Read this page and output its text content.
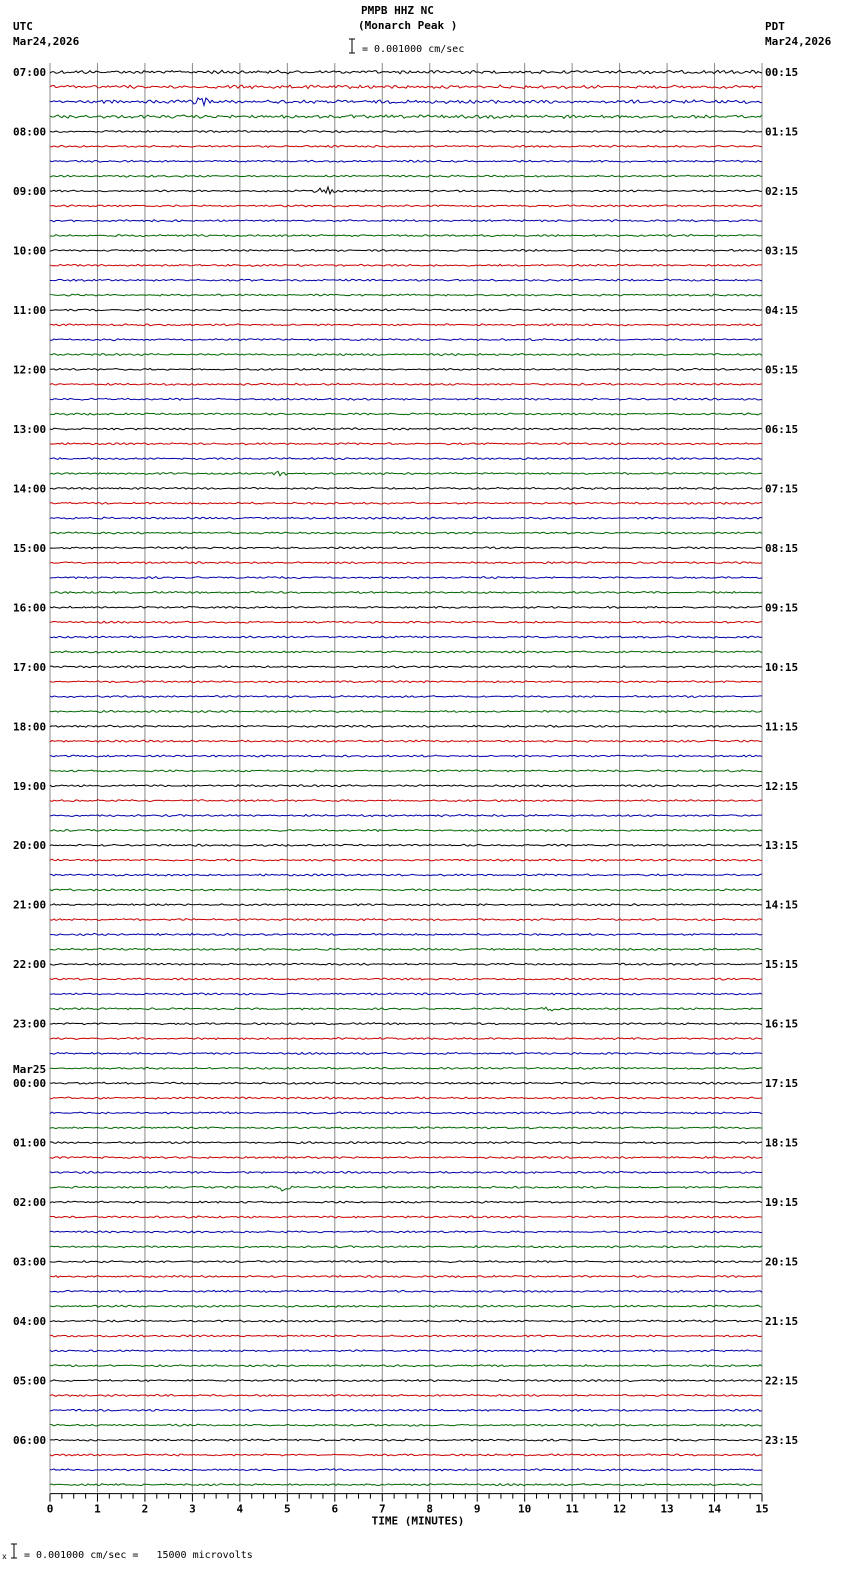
PMPB HHZ NC
(Monarch Peak )
= 0.001000 cm/sec
UTC
Mar24,2026
PDT
Mar24,2026
07:00
08:00
09:00
10:00
11:00
12:00
13:00
14:00
15:00
16:00
17:00
18:00
19:00
20:00
21:00
22:00
23:00
00:00
01:00
02:00
03:00
04:00
05:00
06:00
00:15
01:15
02:15
03:15
04:15
05:15
06:15
07:15
08:15
09:15
10:15
11:15
12:15
13:15
14:15
15:15
16:15
17:15
18:15
19:15
20:15
21:15
22:15
23:15
Mar25
0	1	2	3	4	5	6	7	8	9	10	11	12	13	14	15
TIME (MINUTES)
x = 0.001000 cm/sec =   15000 microvolts
